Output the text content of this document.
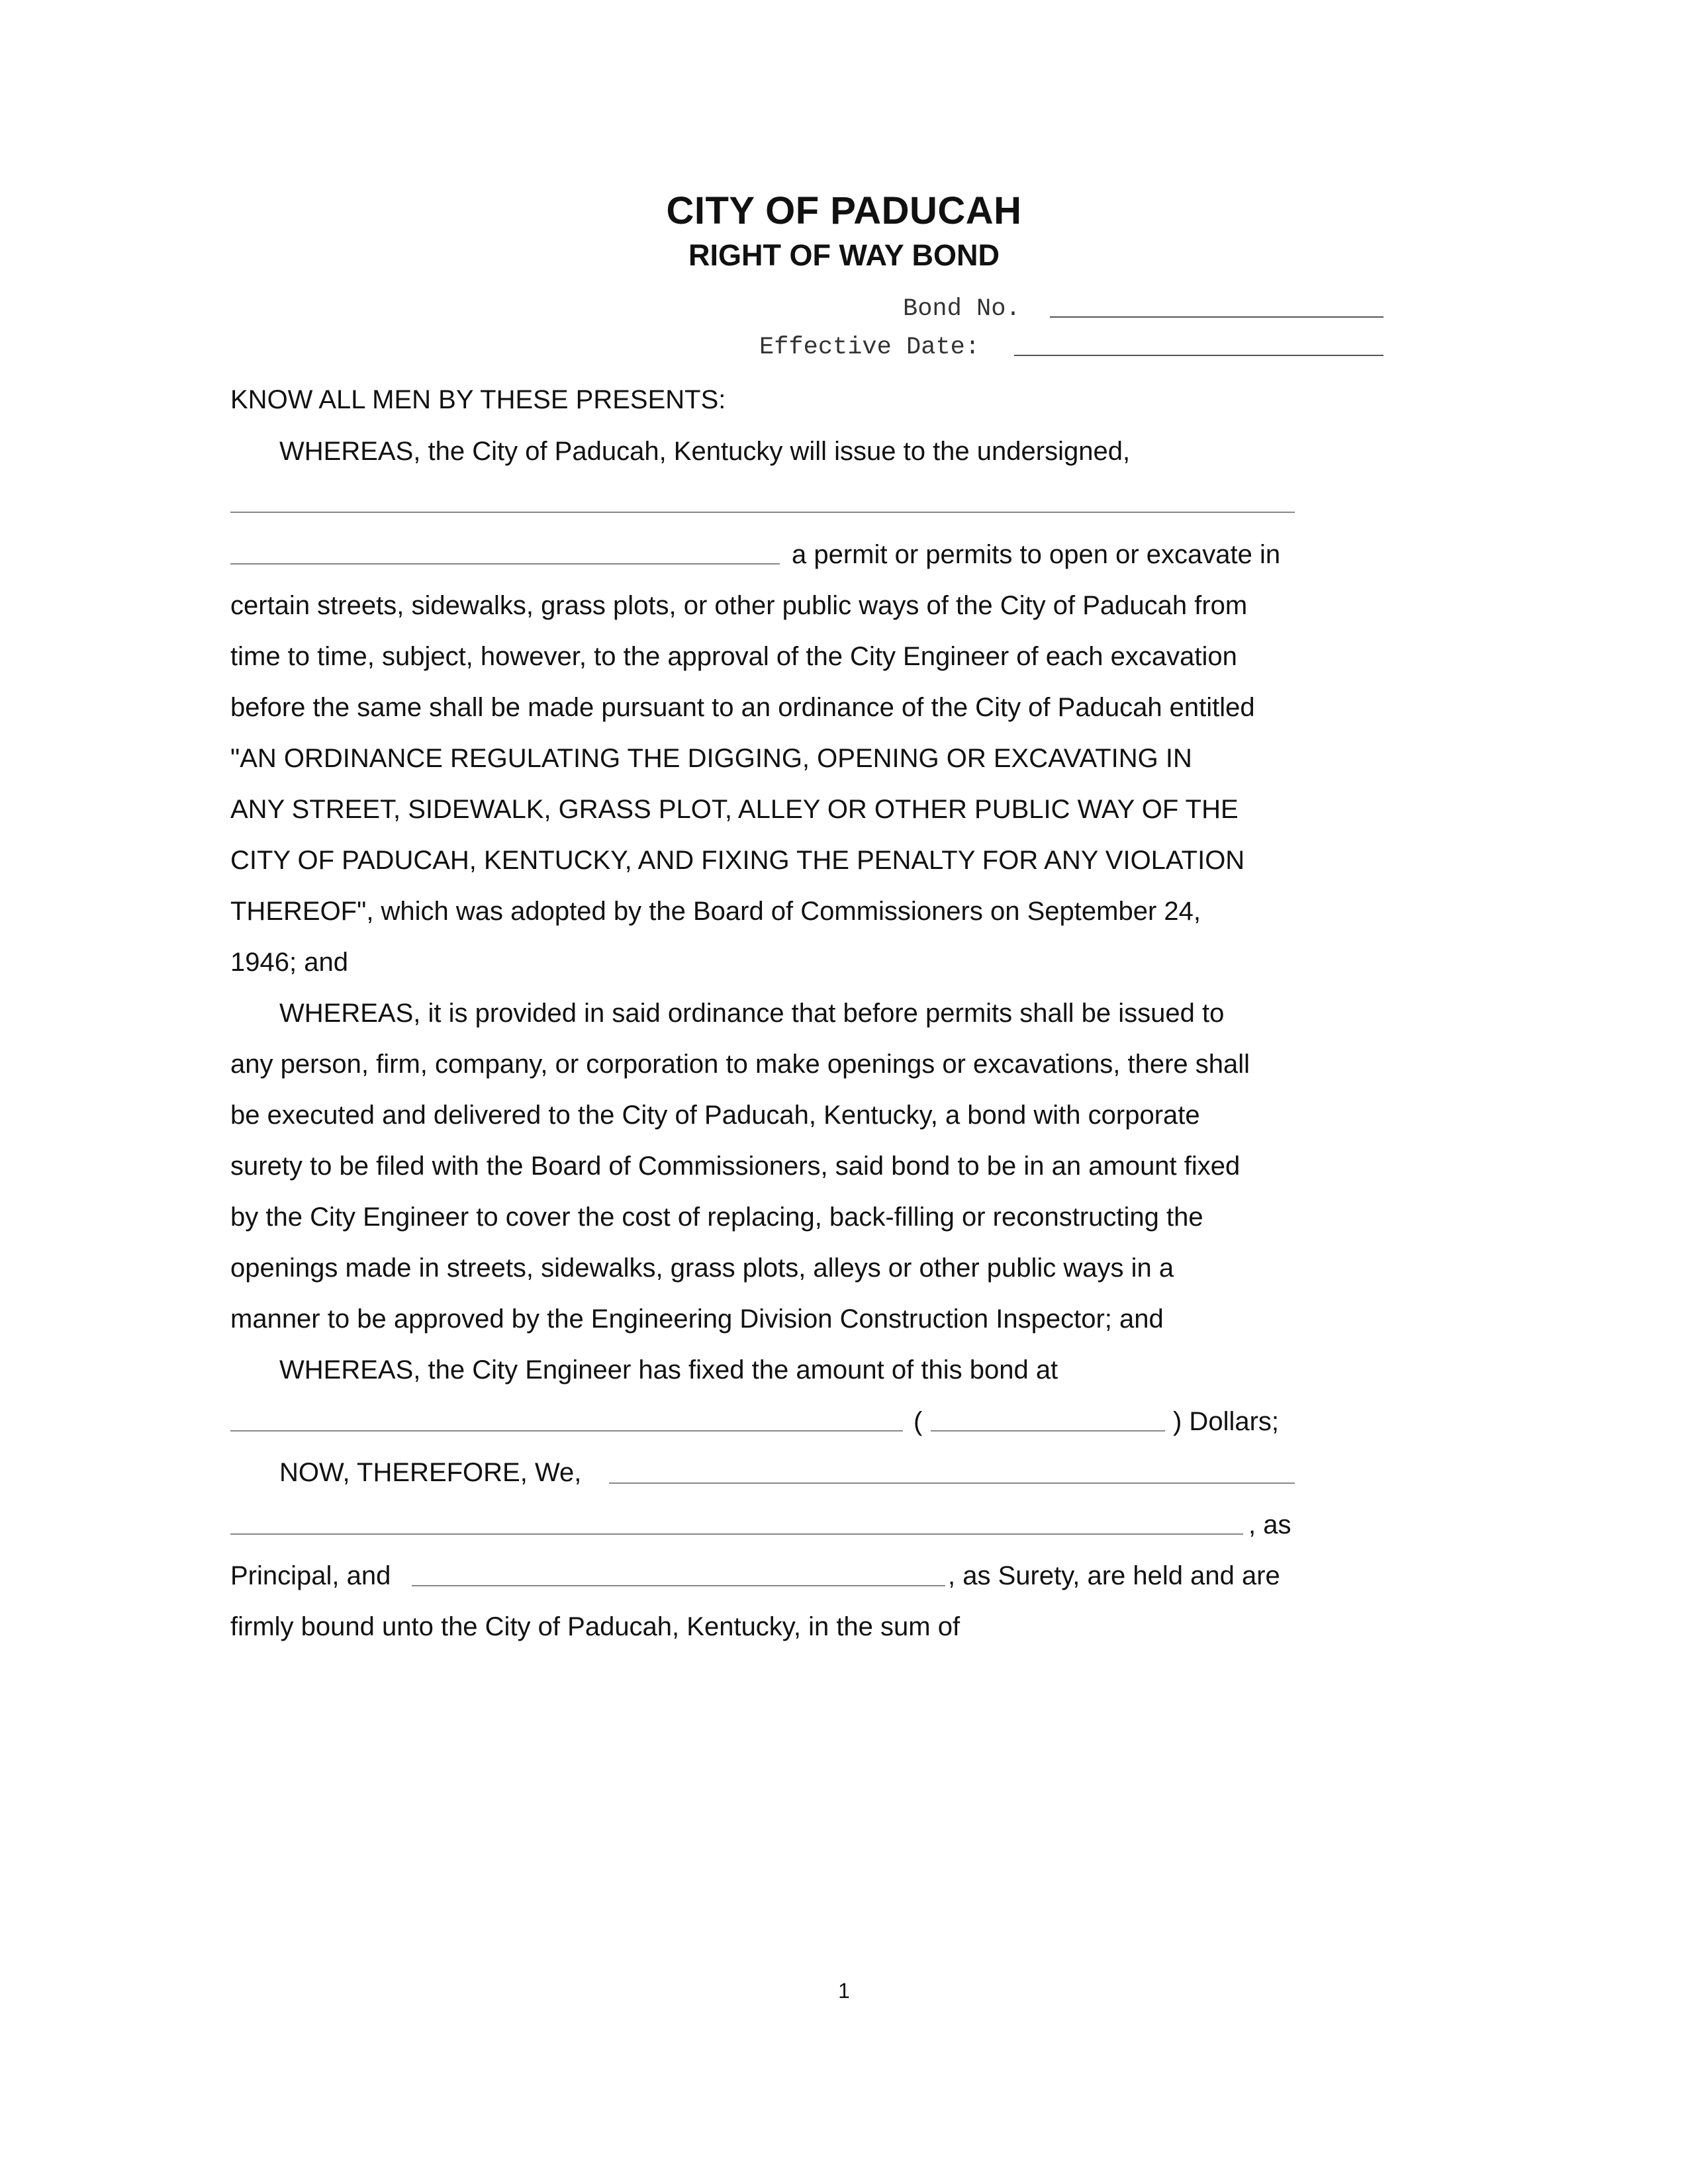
CITY OF PADUCAH
RIGHT OF WAY BOND
Bond No.
Effective Date:
KNOW ALL MEN BY THESE PRESENTS:
WHEREAS, the City of Paducah, Kentucky will issue to the undersigned,
a permit or permits to open or excavate in
certain streets, sidewalks, grass plots, or other public ways of the City of Paducah from
time to time, subject, however, to the approval of the City Engineer of each excavation
before the same shall be made pursuant to an ordinance of the City of Paducah entitled
"AN ORDINANCE REGULATING THE DIGGING, OPENING OR EXCAVATING IN
ANY STREET, SIDEWALK, GRASS PLOT, ALLEY OR OTHER PUBLIC WAY OF THE
CITY OF PADUCAH, KENTUCKY, AND FIXING THE PENALTY FOR ANY VIOLATION
THEREOF", which was adopted by the Board of Commissioners on September 24,
1946; and
WHEREAS, it is provided in said ordinance that before permits shall be issued to
any person, firm, company, or corporation to make openings or excavations, there shall
be executed and delivered to the City of Paducah, Kentucky, a bond with corporate
surety to be filed with the Board of Commissioners, said bond to be in an amount fixed
by the City Engineer to cover the cost of replacing, back-filling or reconstructing the
openings made in streets, sidewalks, grass plots, alleys or other public ways in a
manner to be approved by the Engineering Division Construction Inspector; and
WHEREAS, the City Engineer has fixed the amount of this bond at
(	) Dollars;
NOW, THEREFORE, We,
, as
Principal, and	, as Surety, are held and are
firmly bound unto the City of Paducah, Kentucky, in the sum of
1
